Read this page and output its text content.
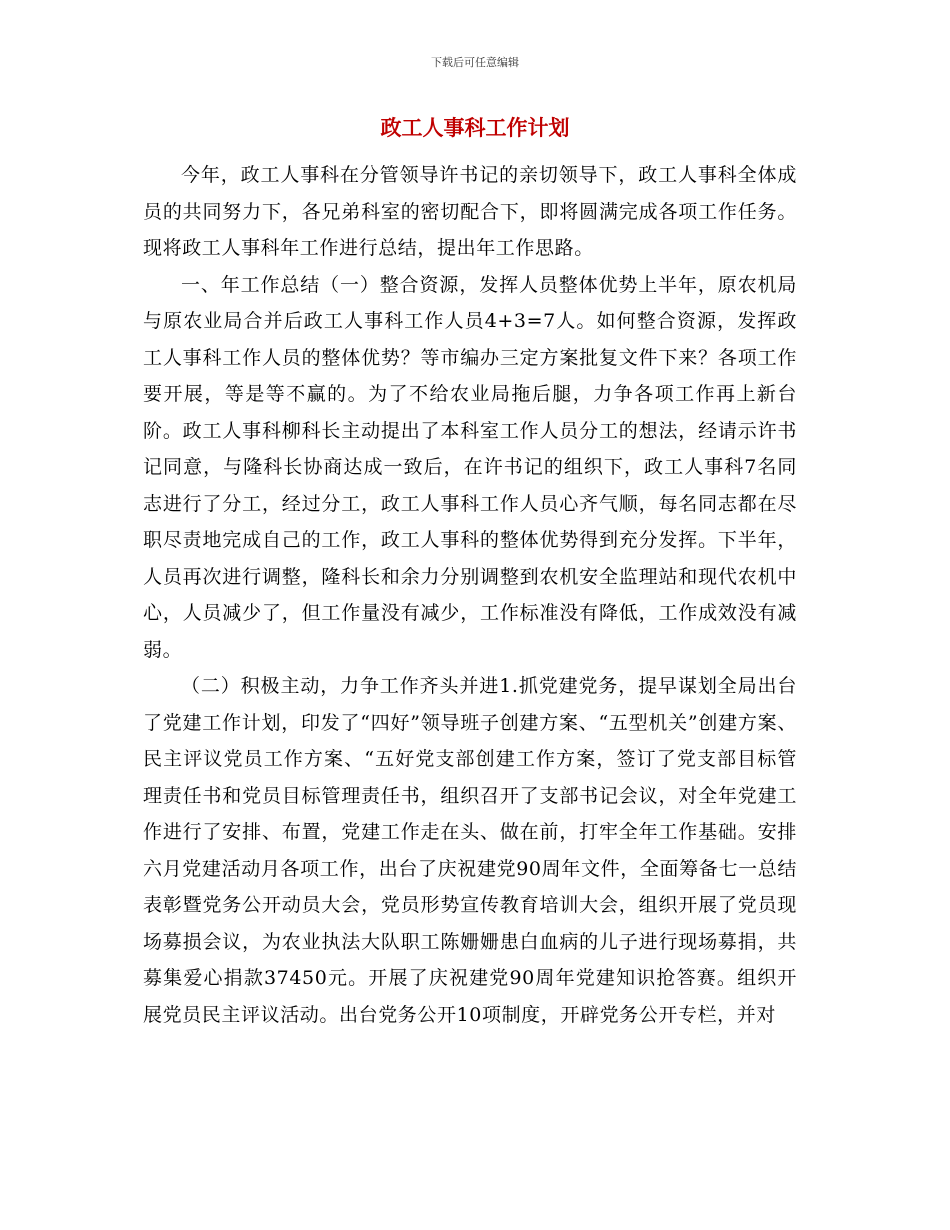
下载后可任意编辑
政工人事科工作计划

今年，政工人事科在分管领导许书记的亲切领导下，政工人事科全体成员的共同努力下，各兄弟科室的密切配合下，即将圆满完成各项工作任务。现将政工人事科年工作进行总结，提出年工作思路。

一、年工作总结（一）整合资源，发挥人员整体优势上半年，原农机局与原农业局合并后政工人事科工作人员4+3=7人。如何整合资源，发挥政工人事科工作人员的整体优势？等市编办三定方案批复文件下来？各项工作要开展，等是等不赢的。为了不给农业局拖后腿，力争各项工作再上新台阶。政工人事科柳科长主动提出了本科室工作人员分工的想法，经请示许书记同意，与隆科长协商达成一致后，在许书记的组织下，政工人事科7名同志进行了分工，经过分工，政工人事科工作人员心齐气顺，每名同志都在尽职尽责地完成自己的工作，政工人事科的整体优势得到充分发挥。下半年，人员再次进行调整，隆科长和余力分别调整到农机安全监理站和现代农机中心，人员减少了，但工作量没有减少，工作标准没有降低，工作成效没有减弱。

（二）积极主动，力争工作齐头并进1.抓党建党务，提早谋划全局出台了党建工作计划，印发了“四好”领导班子创建方案、“五型机关”创建方案、民主评议党员工作方案、“五好党支部创建工作方案，签订了党支部目标管理责任书和党员目标管理责任书，组织召开了支部书记会议，对全年党建工作进行了安排、布置，党建工作走在头、做在前，打牢全年工作基础。安排六月党建活动月各项工作，出台了庆祝建党90周年文件，全面筹备七一总结表彰暨党务公开动员大会，党员形势宣传教育培训大会，组织开展了党员现场募损会议，为农业执法大队职工陈姗姗患白血病的儿子进行现场募捐，共募集爱心捐款37450元。开展了庆祝建党90周年党建知识抢答赛。组织开展党员民主评议活动。出台党务公开10项制度，开辟党务公开专栏，并对
